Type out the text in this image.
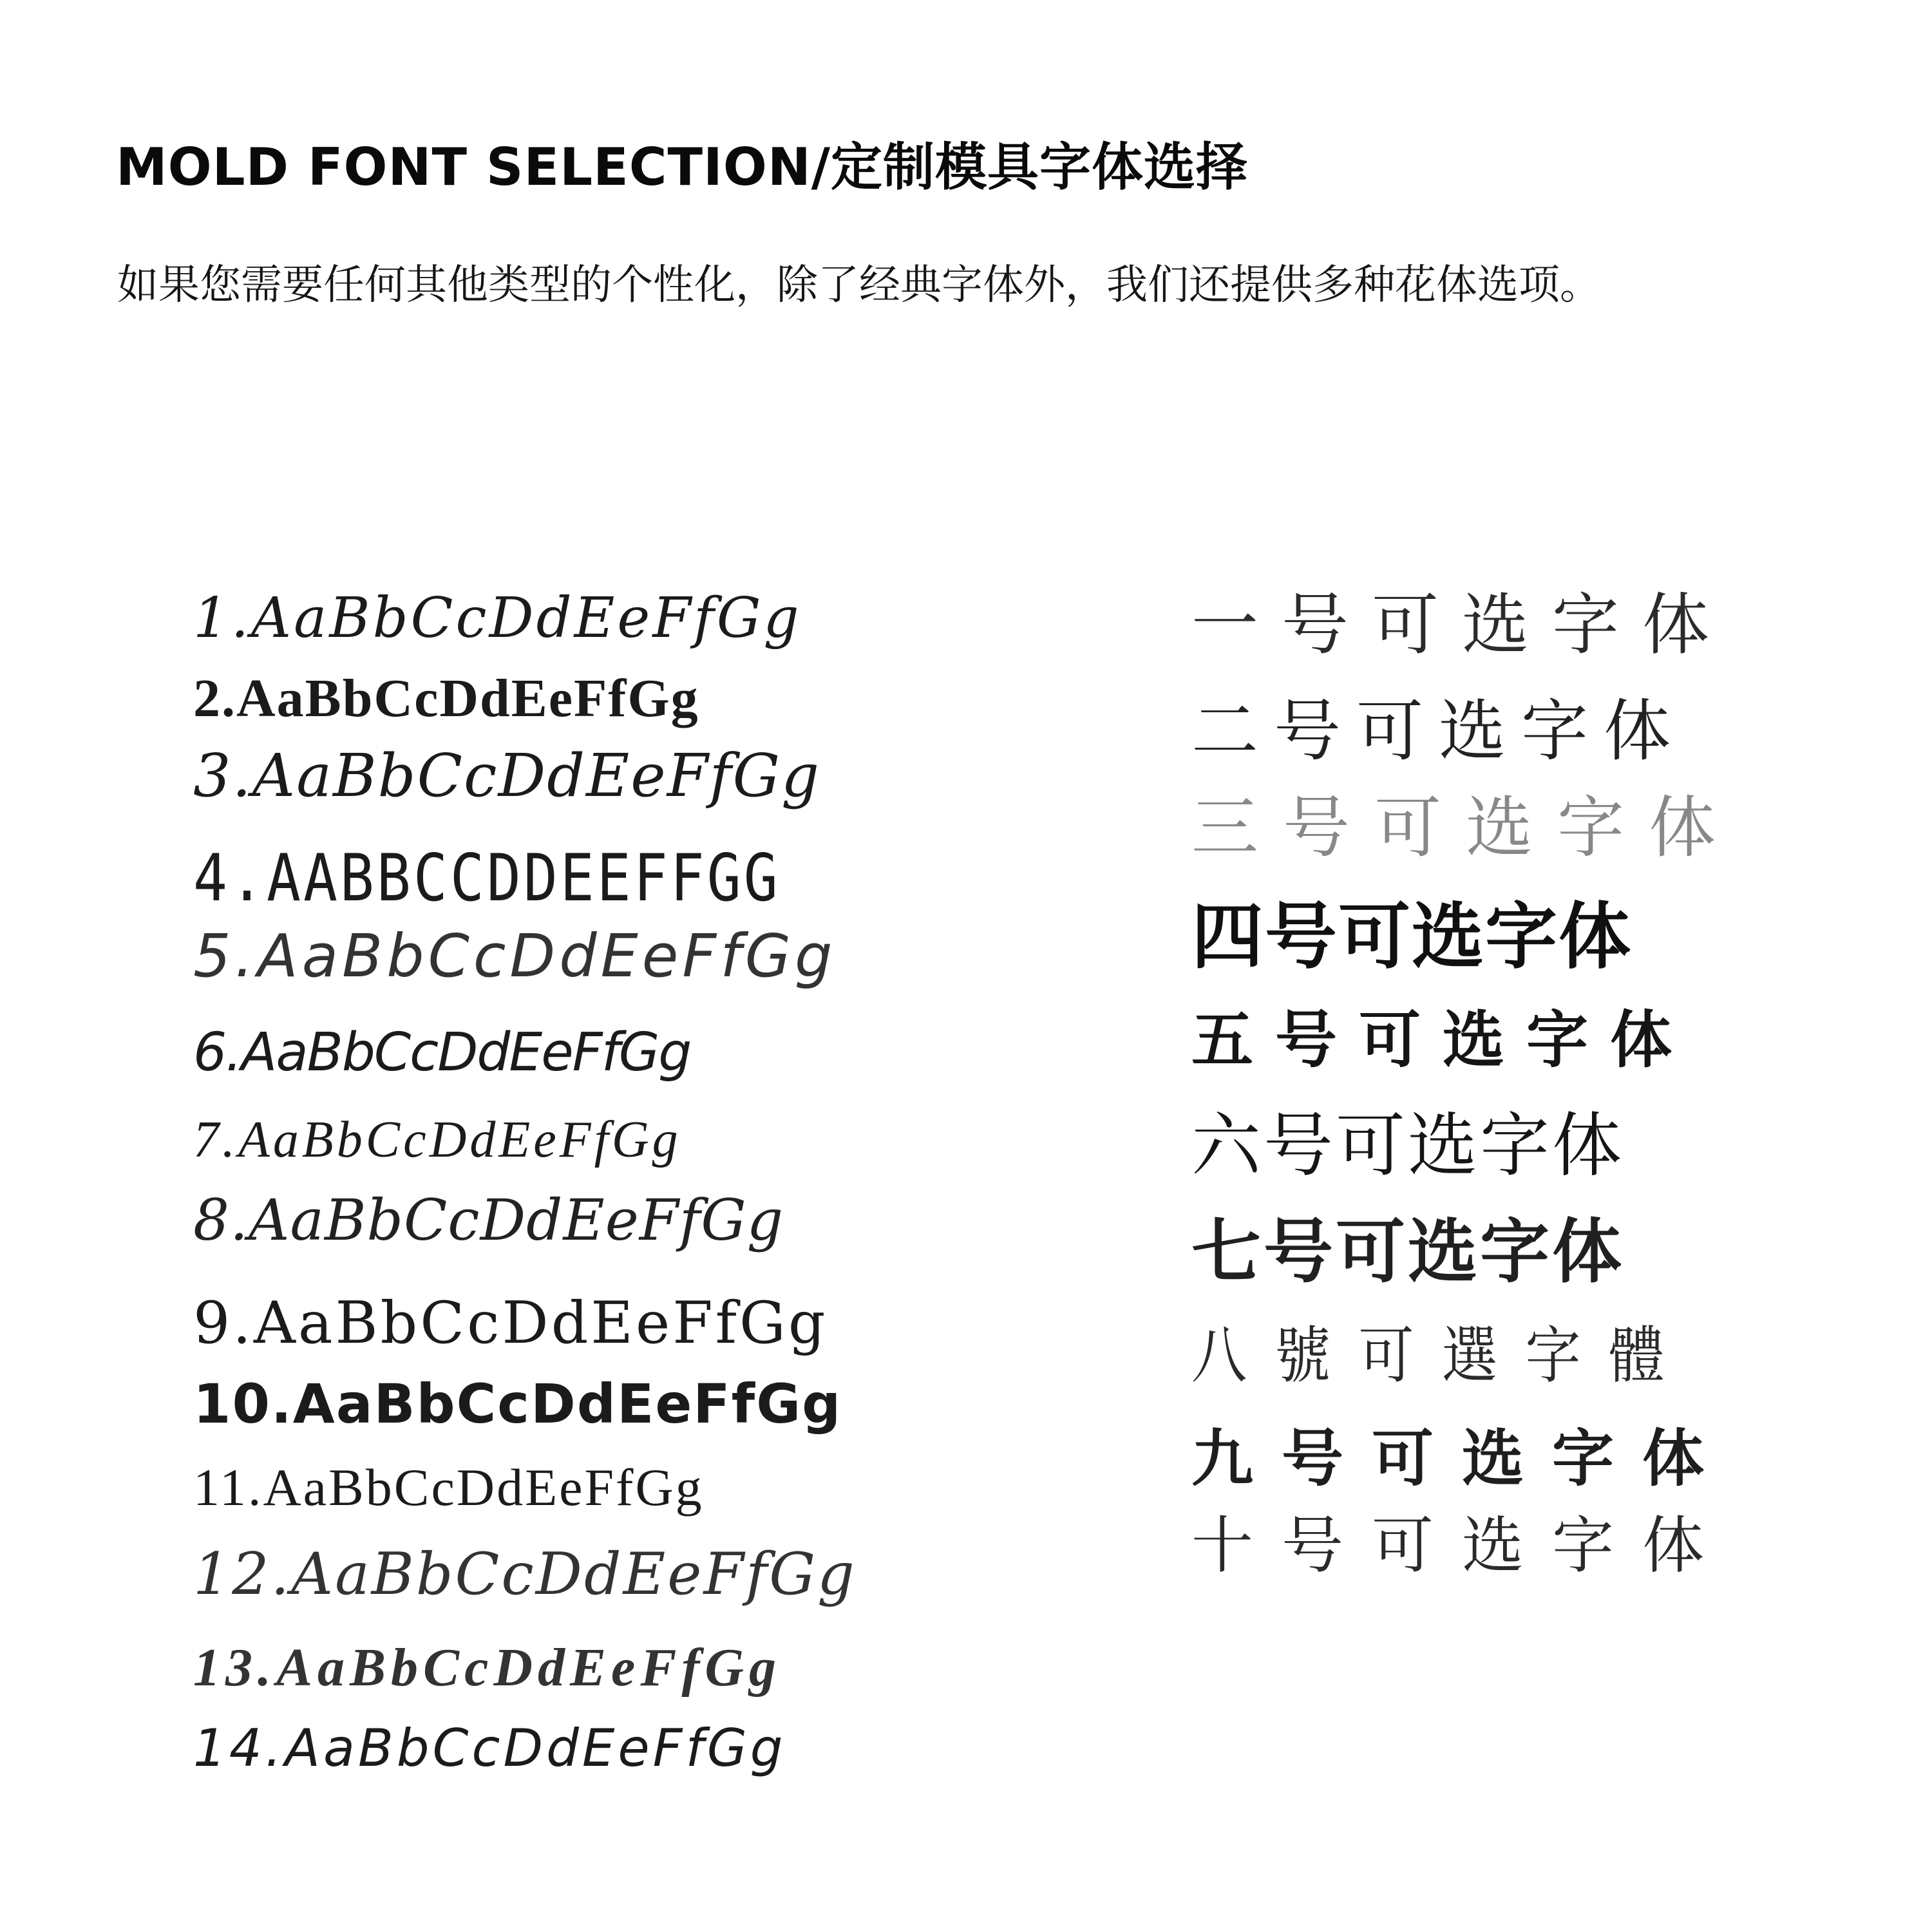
MOLD FONT SELECTION/定制模具字体选择
如果您需要任何其他类型的个性化，除了经典字体外，我们还提供多种花体选项。
1.AaBbCcDdEeFfGg
2.AaBbCcDdEeFfGg
3.AaBbCcDdEeFfGg
4.AABBCCDDEEFFGG
5.AaBbCcDdEeFfGg
6.AaBbCcDdEeFfGg
7.AaBbCcDdEeFfGg
8.AaBbCcDdEeFfGg
9.AaBbCcDdEeFfGg
10.AaBbCcDdEeFfGg
11.AaBbCcDdEeFfGg
12.AaBbCcDdEeFfGg
13.AaBbCcDdEeFfGg
14.AaBbCcDdEeFfGg
一号可选字体
二号可选字体
三号可选字体
四号可选字体
五号可选字体
六号可选字体
七号可选字体
八號可選字體
九号可选字体
十号可选字体
